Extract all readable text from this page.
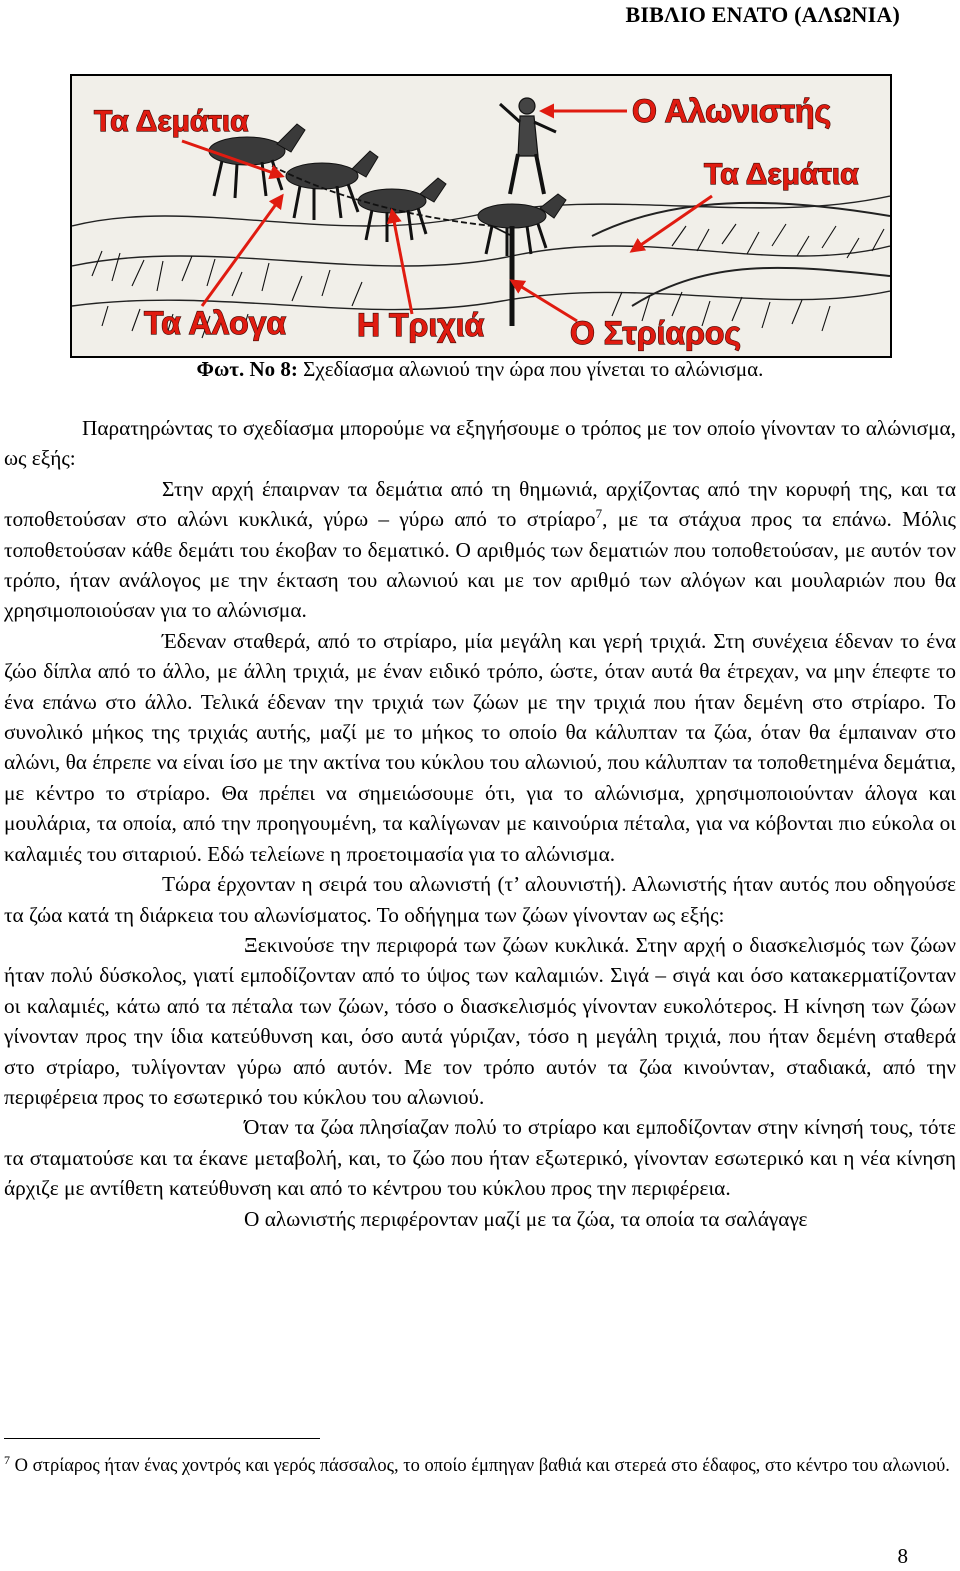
ΒΙΒΛΙΟ ΕΝΑΤΟ (ΑΛΩΝΙΑ)
Τα Δεμάτια	Ο Αλωνιστής
Τα Δεμάτια
Τα Αλογα Η Τριχιά	Ο Στρίαρος
Φωτ. Νο 8: Σχεδίασμα αλωνιού την ώρα που γίνεται το αλώνισμα.

Παρατηρώντας το σχεδίασμα μπορούμε να εξηγήσουμε ο τρόπος με τον οποίο γίνονταν το αλώνισμα, ως εξής:

Στην αρχή έπαιρναν τα δεμάτια από τη θημωνιά, αρχίζοντας από την κορυφή της, και τα τοποθετούσαν στο αλώνι κυκλικά, γύρω – γύρω από το στρίαρο$^7$, με τα στάχυα προς τα επάνω. Μόλις τοποθετούσαν κάθε δεμάτι του έκοβαν το δεματικό. Ο αριθμός των δεματιών που τοποθετούσαν, με αυτόν τον τρόπο, ήταν ανάλογος με την έκταση του αλωνιού και με τον αριθμό των αλόγων και μουλαριών που θα χρησιμοποιούσαν για το αλώνισμα.

Έδεναν σταθερά, από το στρίαρο, μία μεγάλη και γερή τριχιά. Στη συνέχεια έδεναν το ένα ζώο δίπλα από το άλλο, με άλλη τριχιά, με έναν ειδικό τρόπο, ώστε, όταν αυτά θα έτρεχαν, να μην έπεφτε το ένα επάνω στο άλλο. Τελικά έδεναν την τριχιά των ζώων με την τριχιά που ήταν δεμένη στο στρίαρο. Το συνολικό μήκος της τριχιάς αυτής, μαζί με το μήκος το οποίο θα κάλυπταν τα ζώα, όταν θα έμπαιναν στο αλώνι, θα έπρεπε να είναι ίσο με την ακτίνα του κύκλου του αλωνιού, που κάλυπταν τα τοποθετημένα δεμάτια, με κέντρο το στρίαρο. Θα πρέπει να σημειώσουμε ότι, για το αλώνισμα, χρησιμοποιούνταν άλογα και μουλάρια, τα οποία, από την προηγουμένη, τα καλίγωναν με καινούρια πέταλα, για να κόβονται πιο εύκολα οι καλαμιές του σιταριού. Εδώ τελείωνε η προετοιμασία για το αλώνισμα.

Τώρα έρχονταν η σειρά του αλωνιστή (τ’ αλουνιστή). Αλωνιστής ήταν αυτός που οδηγούσε τα ζώα κατά τη διάρκεια του αλωνίσματος. Το οδήγημα των ζώων γίνονταν ως εξής:

Ξεκινούσε την περιφορά των ζώων κυκλικά. Στην αρχή ο διασκελισμός των ζώων ήταν πολύ δύσκολος, γιατί εμποδίζονταν από το ύψος των καλαμιών. Σιγά – σιγά και όσο κατακερματίζονταν οι καλαμιές, κάτω από τα πέταλα των ζώων, τόσο ο διασκελισμός γίνονταν ευκολότερος. Η κίνηση των ζώων γίνονταν προς την ίδια κατεύθυνση και, όσο αυτά γύριζαν, τόσο η μεγάλη τριχιά, που ήταν δεμένη σταθερά στο στρίαρο, τυλίγονταν γύρω από αυτόν. Με τον τρόπο αυτόν τα ζώα κινούνταν, σταδιακά, από την περιφέρεια προς το εσωτερικό του κύκλου του αλωνιού.

Όταν τα ζώα πλησίαζαν πολύ το στρίαρο και εμποδίζονταν στην κίνησή τους, τότε τα σταματούσε και τα έκανε μεταβολή, και, το ζώο που ήταν εξωτερικό, γίνονταν εσωτερικό και η νέα κίνηση άρχιζε με αντίθετη κατεύθυνση και από το κέντρου του κύκλου προς την περιφέρεια.

Ο αλωνιστής περιφέρονταν μαζί με τα ζώα, τα οποία τα σαλάγαγε

$^7$ Ο στρίαρος ήταν ένας χοντρός και γερός πάσσαλος, το οποίο έμπηγαν βαθιά και στερεά στο έδαφος, στο κέντρο του αλωνιού.
8
